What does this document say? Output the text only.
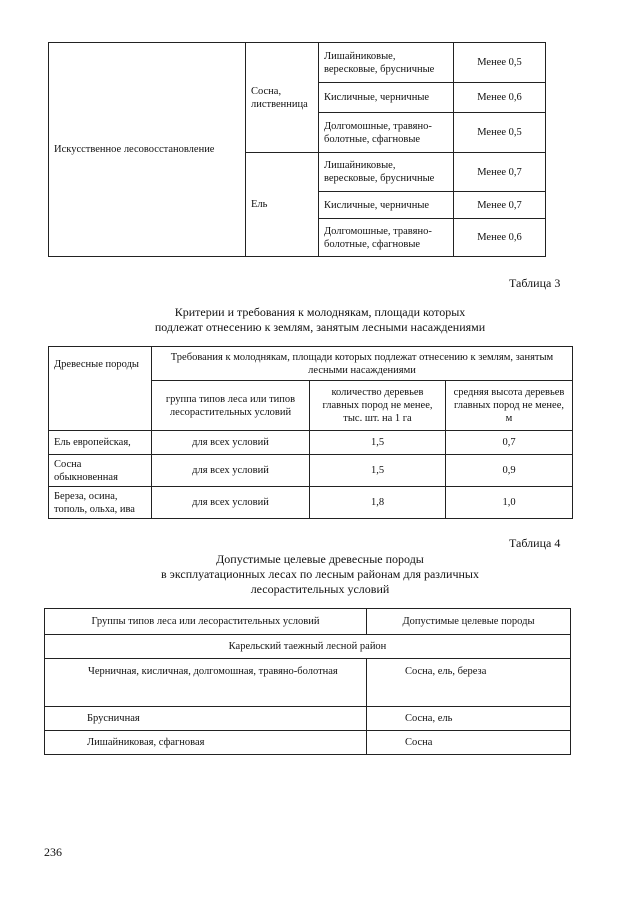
Искусственное лесовосстановление	Сосна, лиственница	Лишайниковые, вересковые, брусничные	Менее 0,5
		Кисличные, черничные	Менее 0,6
		Долгомошные, травяно-болотные, сфагновые	Менее 0,5
	Ель	Лишайниковые, вересковые, брусничные	Менее 0,7
		Кисличные, черничные	Менее 0,7
		Долгомошные, травяно-болотные, сфагновые	Менее 0,6
Таблица 3
Критерии и требования к молоднякам, площади которых
подлежат отнесению к землям, занятым лесными насаждениями
Древесные породы	Требования к молоднякам, площади которых подлежат отнесению к землям, занятым лесными насаждениями		
	группа типов леса или типов лесорастительных условий	количество деревьев главных пород не менее, тыс. шт. на 1 га	средняя высота деревьев главных пород не менее, м
Ель европейская,	для всех условий	1,5	0,7
Сосна обыкновенная	для всех условий	1,5	0,9
Береза, осина, тополь, ольха, ива	для всех условий	1,8	1,0
Таблица 4
Допустимые целевые древесные породы
в эксплуатационных лесах по лесным районам для различных
лесорастительных условий
Группы типов леса или лесорастительных условий	Допустимые целевые породы
Карельский таежный лесной район	

Черничная, кисличная, долгомошная, травяно-болотная	Сосна, ель, береза
Брусничная	Сосна, ель
Лишайниковая, сфагновая	Сосна
236
